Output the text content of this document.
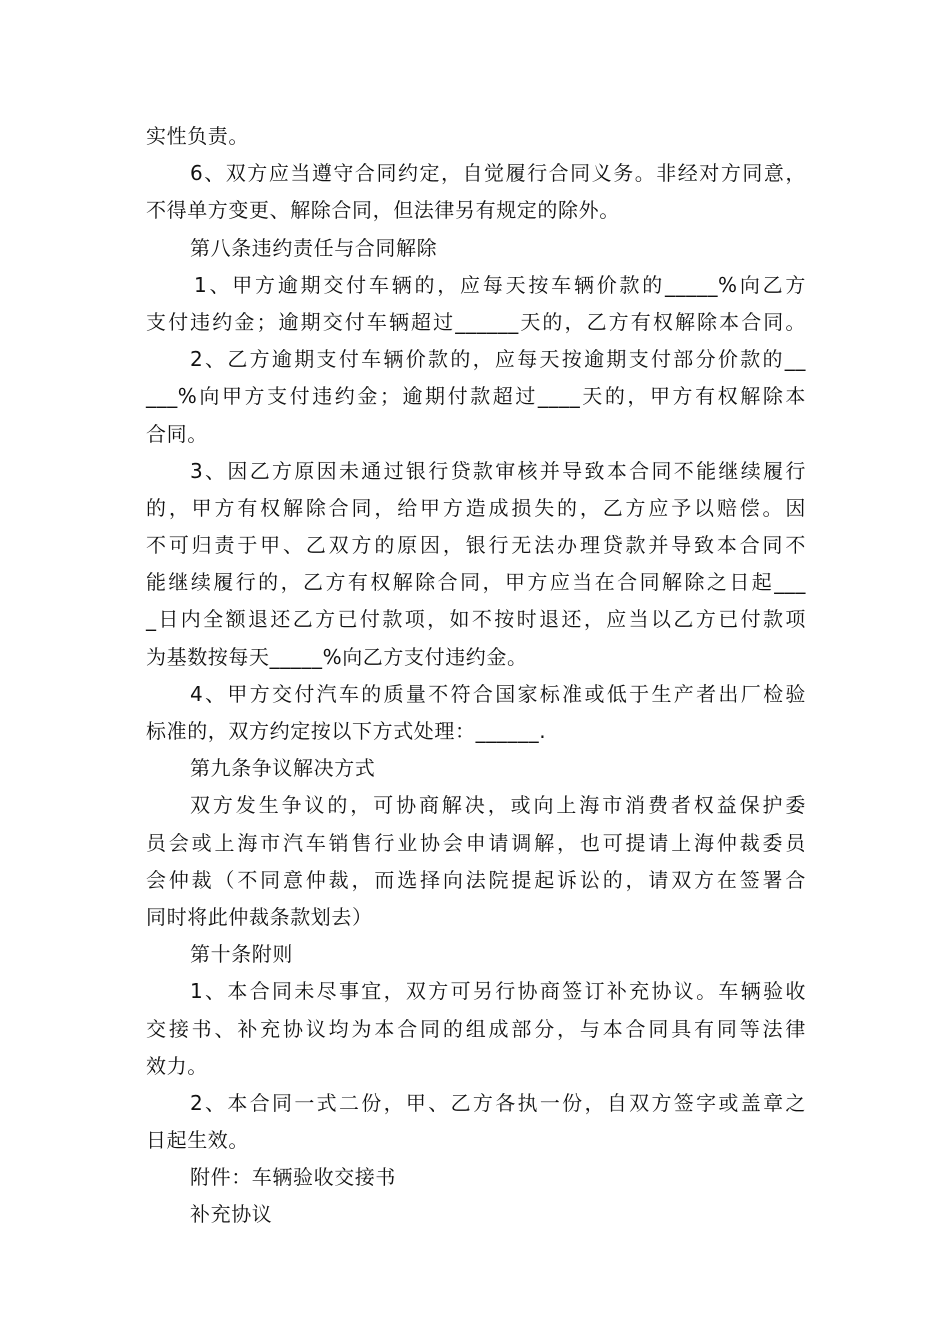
实性负责。
6、双方应当遵守合同约定，自觉履行合同义务。非经对方同意，
不得单方变更、解除合同，但法律另有规定的除外。
第八条违约责任与合同解除
1、甲方逾期交付车辆的，应每天按车辆价款的_____%向乙方
支付违约金；逾期交付车辆超过______天的，乙方有权解除本合同。
2、乙方逾期支付车辆价款的，应每天按逾期支付部分价款的__
___%向甲方支付违约金；逾期付款超过____天的，甲方有权解除本
合同。
3、因乙方原因未通过银行贷款审核并导致本合同不能继续履行
的，甲方有权解除合同，给甲方造成损失的，乙方应予以赔偿。因
不可归责于甲、乙双方的原因，银行无法办理贷款并导致本合同不
能继续履行的，乙方有权解除合同，甲方应当在合同解除之日起___
_日内全额退还乙方已付款项，如不按时退还，应当以乙方已付款项
为基数按每天_____%向乙方支付违约金。
4、甲方交付汽车的质量不符合国家标准或低于生产者出厂检验
标准的，双方约定按以下方式处理：______.
第九条争议解决方式
双方发生争议的，可协商解决，或向上海市消费者权益保护委
员会或上海市汽车销售行业协会申请调解，也可提请上海仲裁委员
会仲裁（不同意仲裁，而选择向法院提起诉讼的，请双方在签署合
同时将此仲裁条款划去）
第十条附则
1、本合同未尽事宜，双方可另行协商签订补充协议。车辆验收
交接书、补充协议均为本合同的组成部分，与本合同具有同等法律
效力。
2、本合同一式二份，甲、乙方各执一份，自双方签字或盖章之
日起生效。
附件：车辆验收交接书
补充协议
